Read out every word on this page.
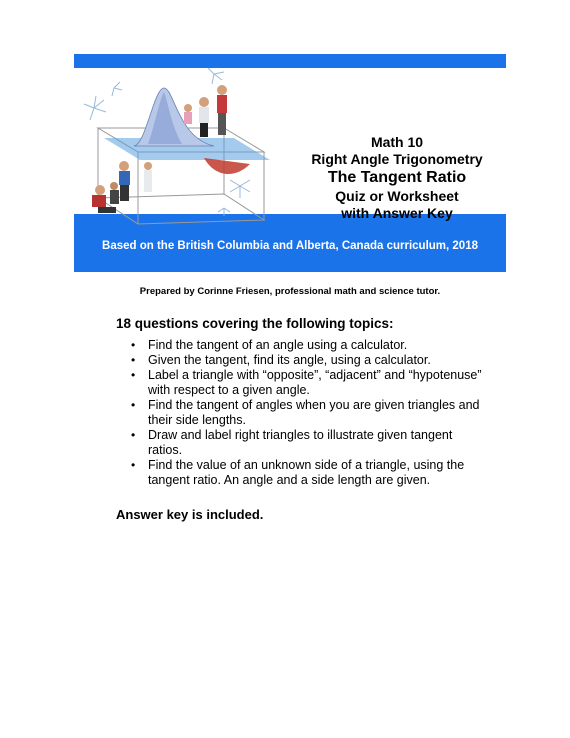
Math 10
Right Angle Trigonometry
The Tangent Ratio
Quiz or Worksheet
with Answer Key
Corinne’s Math
Based on the British Columbia and Alberta, Canada curriculum, 2018
Prepared by Corinne Friesen, professional math and science tutor.
18 questions covering the following topics:
• Find the tangent of an angle using a calculator.
• Given the tangent, find its angle, using a calculator.
• Label a triangle with “opposite”, “adjacent” and “hypotenuse” with respect to a given angle.
• Find the tangent of angles when you are given triangles and their side lengths.
• Draw and label right triangles to illustrate given tangent ratios.
• Find the value of an unknown side of a triangle, using the tangent ratio. An angle and a side length are given.
Answer key is included.
